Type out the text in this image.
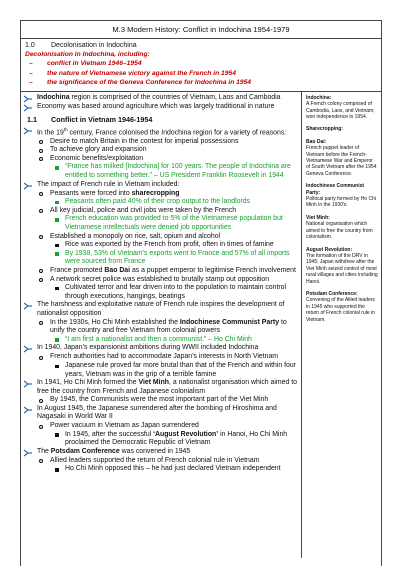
M.3 Modern History: Conflict in Indochina 1954-1979
1.0	Decolonisation in Indochina
Decolonisation in Indochina, including:
–	conflict in Vietnam 1946–1954
–	the nature of Vietnamese victory against the French in 1954
–	the significance of the Geneva Conference for Indochina in 1954
Indochina region is comprised of the countries of Vietnam, Laos and Cambodia
Economy was based around agriculture which was largely traditional in nature
1.1	Conflict in Vietnam 1946-1954
In the 19th century, France colonised the Indochina region for a variety of reasons:
Desire to match Britain in the contest for imperial possessions
To achieve glory and expansion
Economic benefits/exploitation
“France has milked [Indochina] for 100 years. The people of Indochina are entitled to something better.” – US President Franklin Roosevelt in 1944
The impact of French rule in Vietnam included:
Peasants were forced into sharecropping
Peasants often paid 40% of their crop output to the landlords
All key judicial, police and civil jobs were taken by the French
French education was provided to 5% of the Vietnamese population but Vietnamese intellectuals were denied job opportunities
Established a monopoly on rice, salt, opium and alcohol
Rice was exported by the French from profit, often in times of famine
By 1938, 53% of Vietnam’s exports went to France and 57% of all imports were sourced from France
France promoted Bao Dai as a puppet emperor to legitimise French involvement
A network secret police was established to brutally stamp out opposition
Cultivated terror and fear driven into to the population to maintain control through executions, hangings, beatings
The harshness and exploitative nature of French rule inspires the development of nationalist opposition
In the 1930s, Ho Chi Minh established the Indochinese Communist Party to unify the country and free Vietnam from colonial powers
“I am first a nationalist and then a communist.” – Ho Chi Minh
In 1940, Japan’s expansionist ambitions during WWII included Indochina
French authorities had to accommodate Japan’s interests in North Vietnam
Japanese rule proved far more brutal than that of the French and within four years, Vietnam was in the grip of a terrible famine
In 1941, Ho Chi Minh formed the Viet Minh, a nationalist organisation which aimed to free the country from French and Japanese colonialism
By 1945, the Communists were the most important part of the Viet Minh
In August 1945, the Japanese surrendered after the bombing of Hiroshima and Nagasaki in World War II
Power vacuum in Vietnam as Japan surrendered
In 1945, after the successful ‘August Revolution’ in Hanoi, Ho Chi Minh proclaimed the Democratic Republic of Vietnam
The Potsdam Conference was convened in 1945
Allied leaders supported the return of French colonial rule in Vietnam
Ho Chi Minh opposed this – he had just declared Vietnam independent

Indochina:
A French colony comprised of Cambodia, Laos, and Vietnam; won independence in 1954.

Sharecropping:

Bao Dai:
French puppet leader of Vietnam before the French-Vietnamese War and Emperor of South Vietnam after the 1954 Geneva Conference.

Indochinese Communist Party:
Political party formed by Ho Chi Minh in the 1930's.

Viet Minh:
National organisation which aimed to free the country from colonialism.

August Revolution:
The formation of the DRV in 1945; Japan withdrew after the Viet Minh seized control of most rural villages and cities including Hanoi.

Potsdam Conference:
Convening of the Allied leaders in 1945 who supported the return of French colonial rule in Vietnam.
